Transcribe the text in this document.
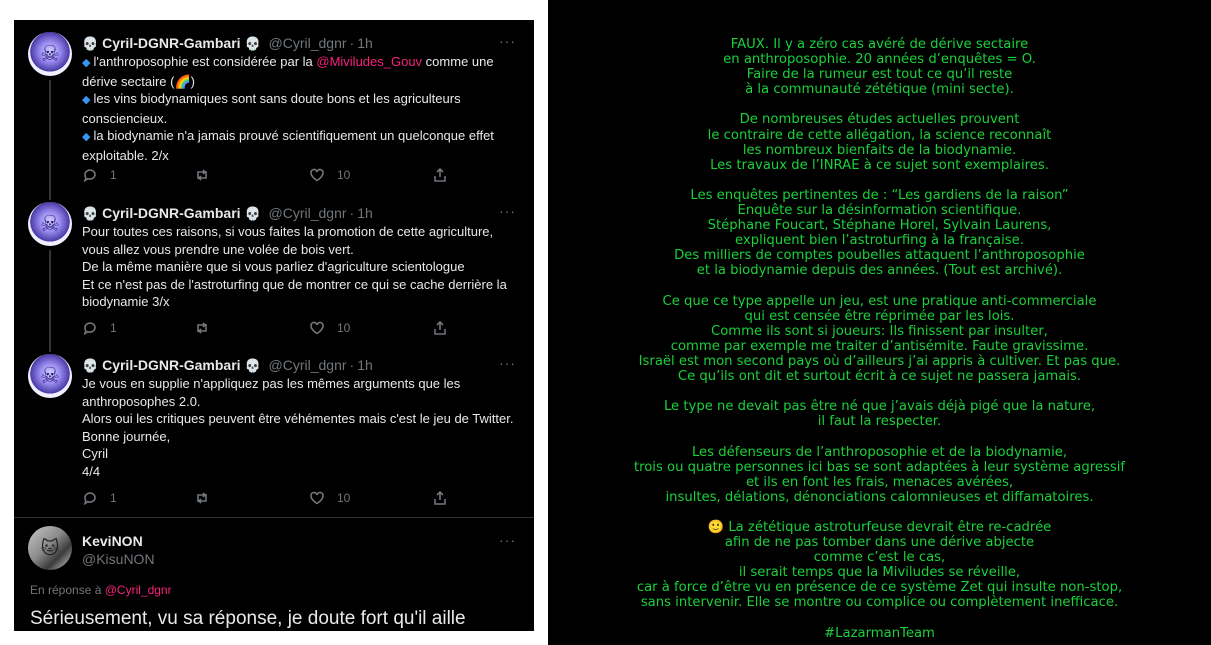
☠	💀 Cyril-DGNR-Gambari 💀 @Cyril_dgnr · 1h	···

◆ l'anthroposophie est considérée par la @Miviludes_Gouv comme une

dérive sectaire (🌈)

◆ les vins biodynamiques sont sans doute bons et les agriculteurs

consciencieux.

◆ la biodynamie n'a jamais prouvé scientifiquement un quelconque effet

exploitable. 2/x

1	10
☠	💀 Cyril-DGNR-Gambari 💀 @Cyril_dgnr · 1h	···

Pour toutes ces raisons, si vous faites la promotion de cette agriculture,

vous allez vous prendre une volée de bois vert.

De la même manière que si vous parliez d'agriculture scientologue

Et ce n'est pas de l'astroturfing que de montrer ce qui se cache derrière la

biodynamie 3/x

1	10
☠	💀 Cyril-DGNR-Gambari 💀 @Cyril_dgnr · 1h	···

Je vous en supplie n'appliquez pas les mêmes arguments que les

anthroposophes 2.0.

Alors oui les critiques peuvent être véhémentes mais c'est le jeu de Twitter.

Bonne journée,

Cyril

4/4

1	10
🐱	KeviNON
@KisuNON
···
En réponse à @Cyril_dgnr
Sérieusement, vu sa réponse, je doute fort qu'il aille
FAUX. Il y a zéro cas avéré de dérive sectaire
en anthroposophie. 20 années d’enquêtes = O.
Faire de la rumeur est tout ce qu’il reste
à la communauté zététique (mini secte).
De nombreuses études actuelles prouvent
le contraire de cette allégation, la science reconnaît
les nombreux bienfaits de la biodynamie.
Les travaux de l’INRAE à ce sujet sont exemplaires.
Les enquêtes pertinentes de : “Les gardiens de la raison”
Enquête sur la désinformation scientifique.
Stéphane Foucart, Stéphane Horel, Sylvain Laurens,
expliquent bien l’astroturfing à la française.
Des milliers de comptes poubelles attaquent l’anthroposophie
et la biodynamie depuis des années. (Tout est archivé).
Ce que ce type appelle un jeu, est une pratique anti-commerciale
qui est censée être réprimée par les lois.
Comme ils sont si joueurs: Ils finissent par insulter,
comme par exemple me traiter d’antisémite. Faute gravissime.
Israël est mon second pays où d’ailleurs j’ai appris à cultiver. Et pas que.
Ce qu’ils ont dit et surtout écrit à ce sujet ne passera jamais.
Le type ne devait pas être né que j’avais déjà pigé que la nature,
il faut la respecter.
Les défenseurs de l’anthroposophie et de la biodynamie,
trois ou quatre personnes ici bas se sont adaptées à leur système agressif
et ils en font les frais, menaces avérées,
insultes, délations, dénonciations calomnieuses et diffamatoires.
🙂 La zététique astroturfeuse devrait être re-cadrée
afin de ne pas tomber dans une dérive abjecte
comme c’est le cas,
il serait temps que la Miviludes se réveille,
car à force d’être vu en présence de ce système Zet qui insulte non-stop,
sans intervenir. Elle se montre ou complice ou complètement inefficace.
#LazarmanTeam
